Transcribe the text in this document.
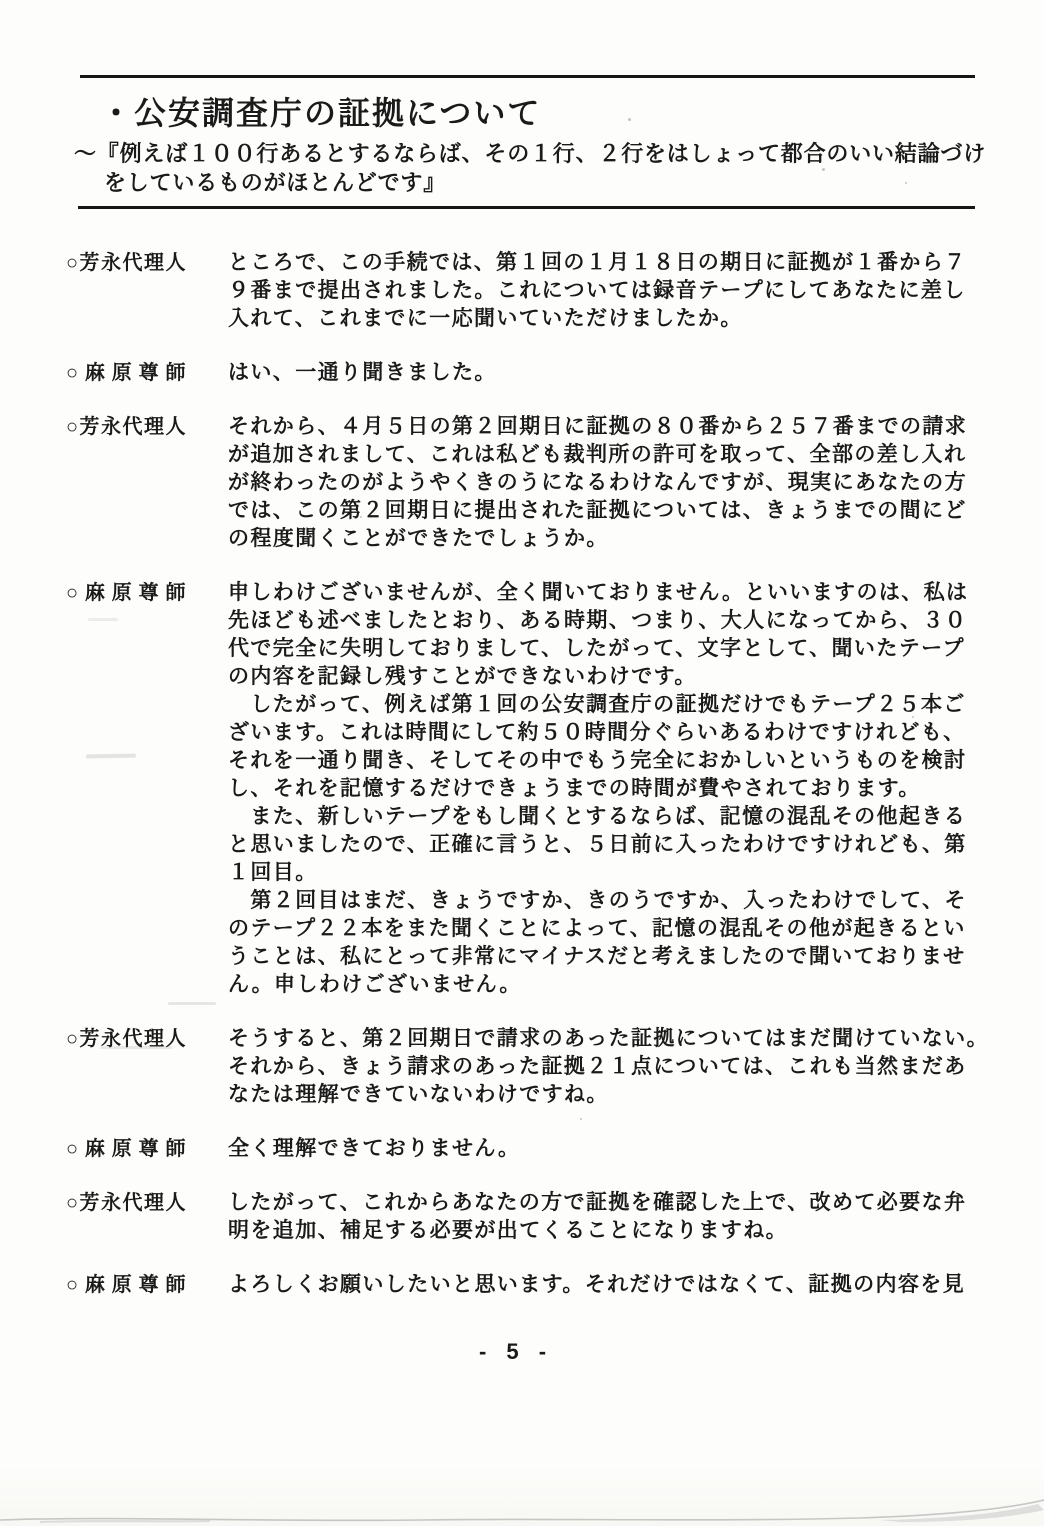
・公安調査庁の証拠について
～『例えば１００行あるとするならば、その１行、２行をはしょって都合のいい結論づけ
をしているものがほとんどです』
○芳永代理人	ところで、この手続では、第１回の１月１８日の期日に証拠が１番から７
９番まで提出されました。これについては録音テープにしてあなたに差し
入れて、これまでに一応聞いていただけましたか。
○麻原尊師	はい、一通り聞きました。
○芳永代理人	それから、４月５日の第２回期日に証拠の８０番から２５７番までの請求
が追加されまして、これは私ども裁判所の許可を取って、全部の差し入れ
が終わったのがようやくきのうになるわけなんですが、現実にあなたの方
では、この第２回期日に提出された証拠については、きょうまでの間にど
の程度聞くことができたでしょうか。
○麻原尊師	申しわけございませんが、全く聞いておりません。といいますのは、私は
先ほども述べましたとおり、ある時期、つまり、大人になってから、３０
代で完全に失明しておりまして、したがって、文字として、聞いたテープ
の内容を記録し残すことができないわけです。
　したがって、例えば第１回の公安調査庁の証拠だけでもテープ２５本ご
ざいます。これは時間にして約５０時間分ぐらいあるわけですけれども、
それを一通り聞き、そしてその中でもう完全におかしいというものを検討
し、それを記憶するだけできょうまでの時間が費やされております。
　また、新しいテープをもし聞くとするならば、記憶の混乱その他起きる
と思いましたので、正確に言うと、５日前に入ったわけですけれども、第
１回目。
　第２回目はまだ、きょうですか、きのうですか、入ったわけでして、そ
のテープ２２本をまた聞くことによって、記憶の混乱その他が起きるとい
うことは、私にとって非常にマイナスだと考えましたので聞いておりませ
ん。申しわけございません。
○芳永代理人	そうすると、第２回期日で請求のあった証拠についてはまだ聞けていない。
それから、きょう請求のあった証拠２１点については、これも当然まだあ
なたは理解できていないわけですね。
○麻原尊師	全く理解できておりません。
○芳永代理人	したがって、これからあなたの方で証拠を確認した上で、改めて必要な弁
明を追加、補足する必要が出てくることになりますね。
○麻原尊師	よろしくお願いしたいと思います。それだけではなくて、証拠の内容を見
- 5 -
